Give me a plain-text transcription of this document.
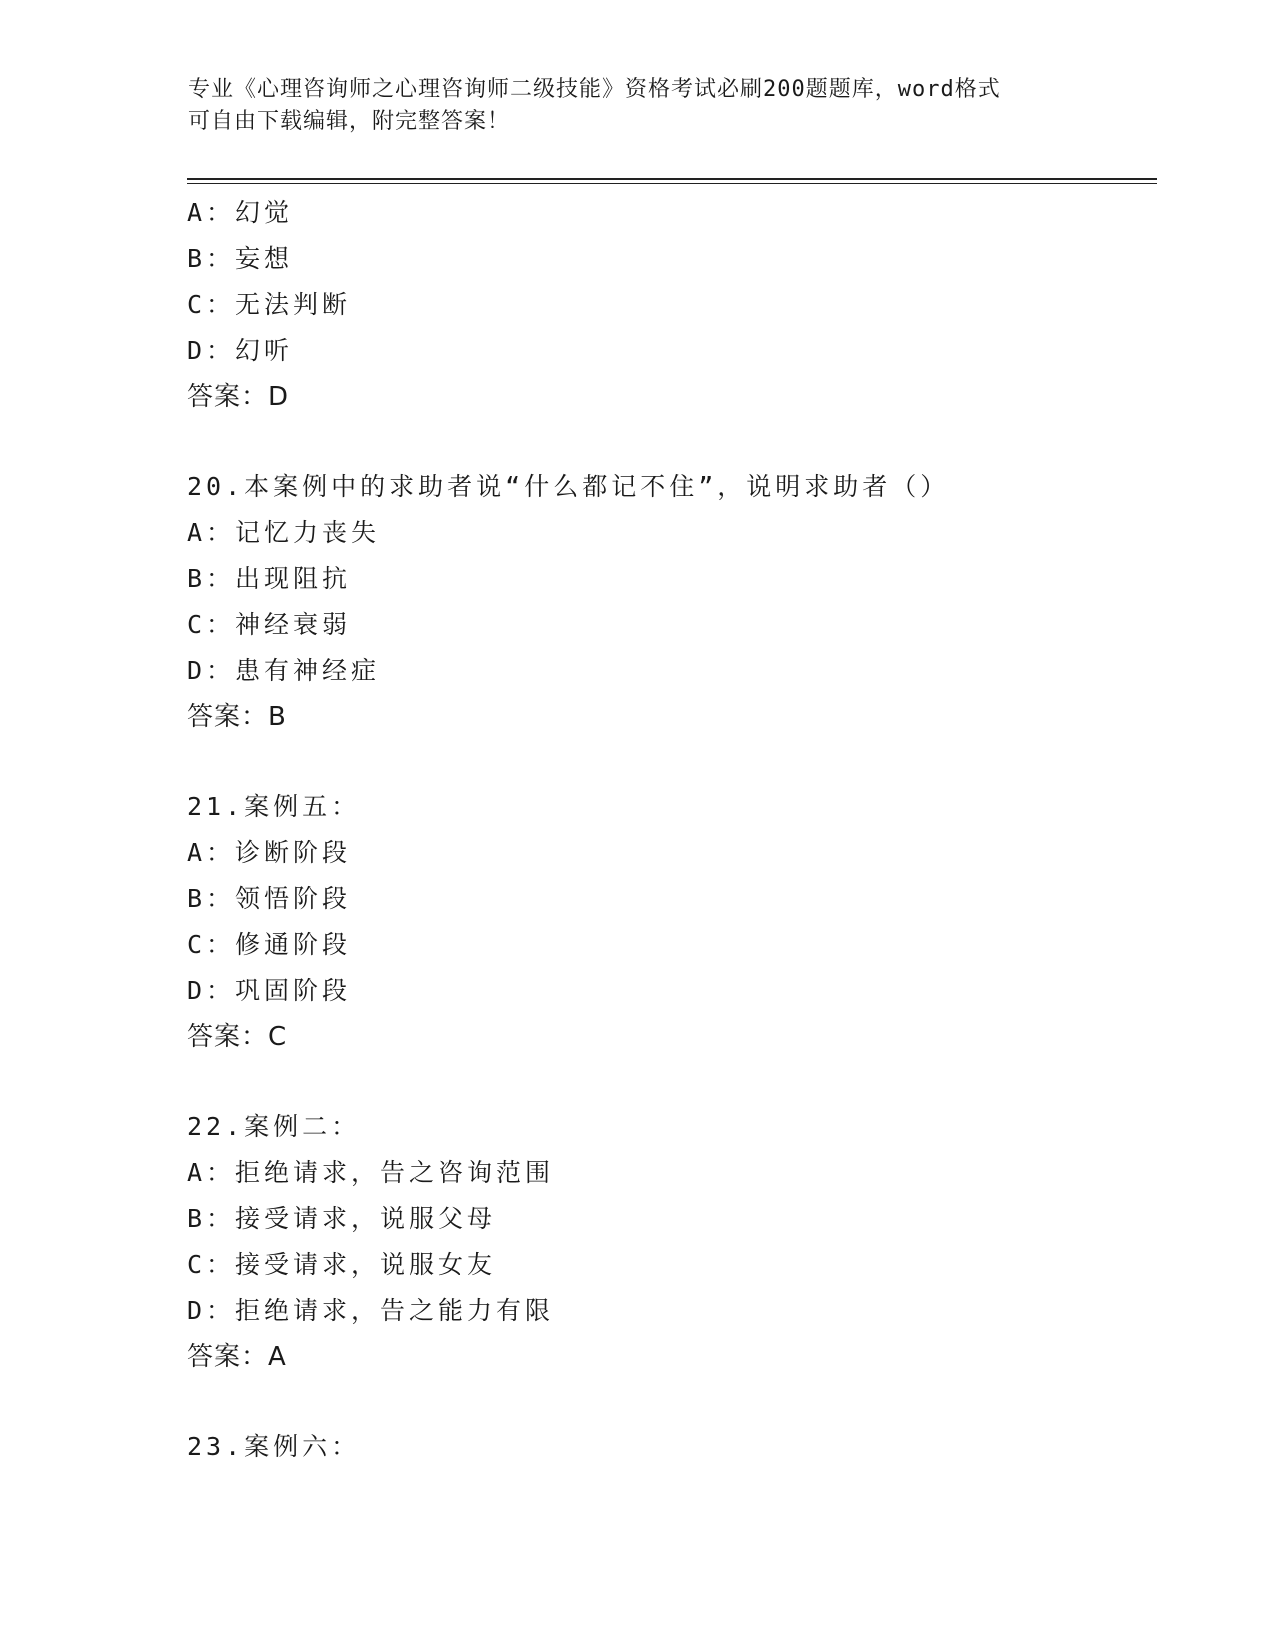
专业《心理咨询师之心理咨询师二级技能》资格考试必刷200题题库，word格式
可自由下载编辑，附完整答案！
A：幻觉
B：妄想
C：无法判断
D：幻听
答案：D
20.本案例中的求助者说“什么都记不住”，说明求助者（）
A：记忆力丧失
B：出现阻抗
C：神经衰弱
D：患有神经症
答案：B
21.案例五：
A：诊断阶段
B：领悟阶段
C：修通阶段
D：巩固阶段
答案：C
22.案例二：
A：拒绝请求，告之咨询范围
B：接受请求，说服父母
C：接受请求，说服女友
D：拒绝请求，告之能力有限
答案：A
23.案例六：
